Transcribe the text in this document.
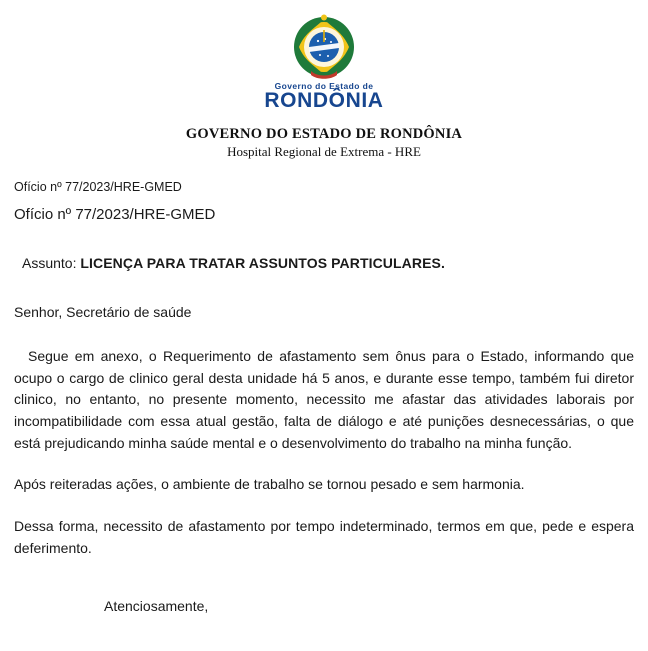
Governo do Estado de
RONDÔNIA
GOVERNO DO ESTADO DE RONDÔNIA
Hospital Regional de Extrema - HRE
Ofício nº 77/2023/HRE-GMED
Ofício nº 77/2023/HRE-GMED
Assunto: LICENÇA PARA TRATAR ASSUNTOS PARTICULARES.
Senhor, Secretário de saúde
Segue em anexo, o Requerimento de afastamento sem ônus para o Estado, informando que ocupo o cargo de clinico geral desta unidade há 5 anos, e durante esse tempo, também fui diretor clinico, no entanto, no presente momento, necessito me afastar das atividades laborais por incompatibilidade com essa atual gestão, falta de diálogo e até punições desnecessárias, o que está prejudicando minha saúde mental e o desenvolvimento do trabalho na minha função.
Após reiteradas ações, o ambiente de trabalho se tornou pesado e sem harmonia.
Dessa forma, necessito de afastamento por tempo indeterminado, termos em que, pede e espera deferimento.
Atenciosamente,
